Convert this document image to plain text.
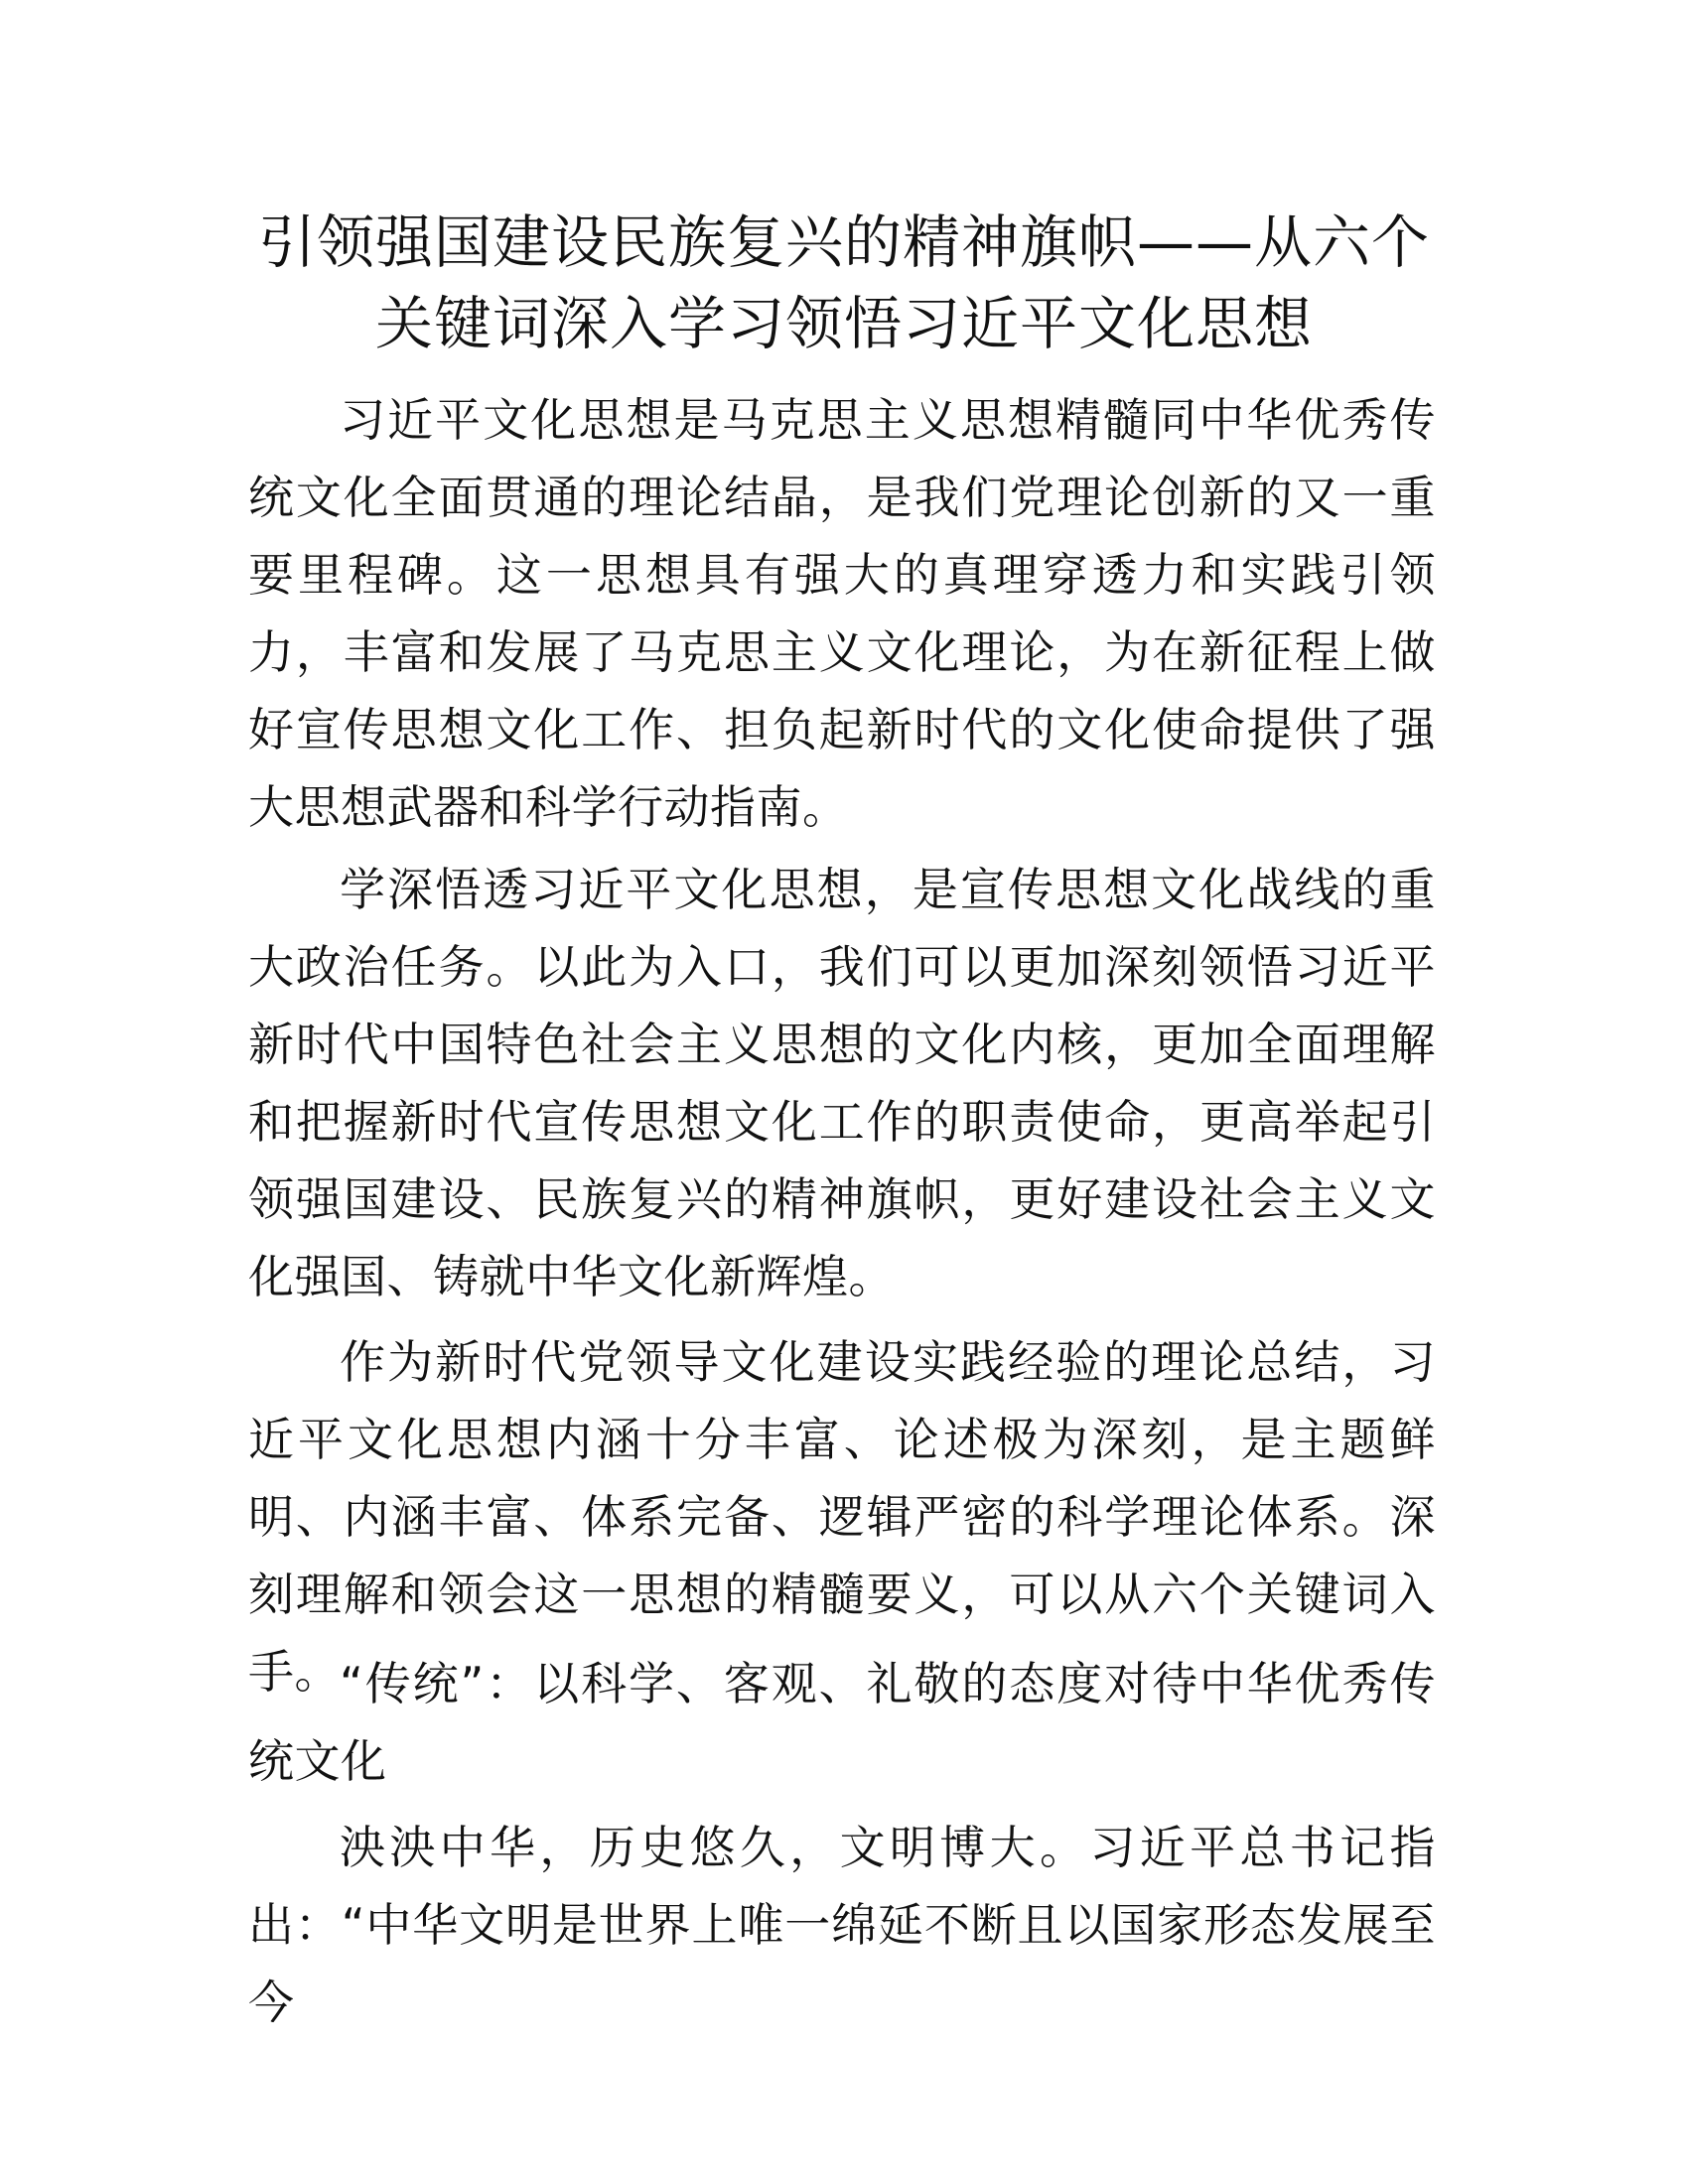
引领强国建设民族复兴的精神旗帜——从六个
关键词深入学习领悟习近平文化思想

习近平文化思想是马克思主义思想精髓同中华优秀传统文化全面贯通的理论结晶，是我们党理论创新的又一重要里程碑。这一思想具有强大的真理穿透力和实践引领力，丰富和发展了马克思主义文化理论，为在新征程上做好宣传思想文化工作、担负起新时代的文化使命提供了强大思想武器和科学行动指南。

学深悟透习近平文化思想，是宣传思想文化战线的重大政治任务。以此为入口，我们可以更加深刻领悟习近平新时代中国特色社会主义思想的文化内核，更加全面理解和把握新时代宣传思想文化工作的职责使命，更高举起引领强国建设、民族复兴的精神旗帜，更好建设社会主义文化强国、铸就中华文化新辉煌。

作为新时代党领导文化建设实践经验的理论总结，习近平文化思想内涵十分丰富、论述极为深刻，是主题鲜明、内涵丰富、体系完备、逻辑严密的科学理论体系。深刻理解和领会这一思想的精髓要义，可以从六个关键词入手。 “传统”：以科学、客观、礼敬的态度对待中华优秀传统文化

泱泱中华，历史悠久，文明博大。习近平总书记指出：“中华文明是世界上唯一绵延不断且以国家形态发展至今
